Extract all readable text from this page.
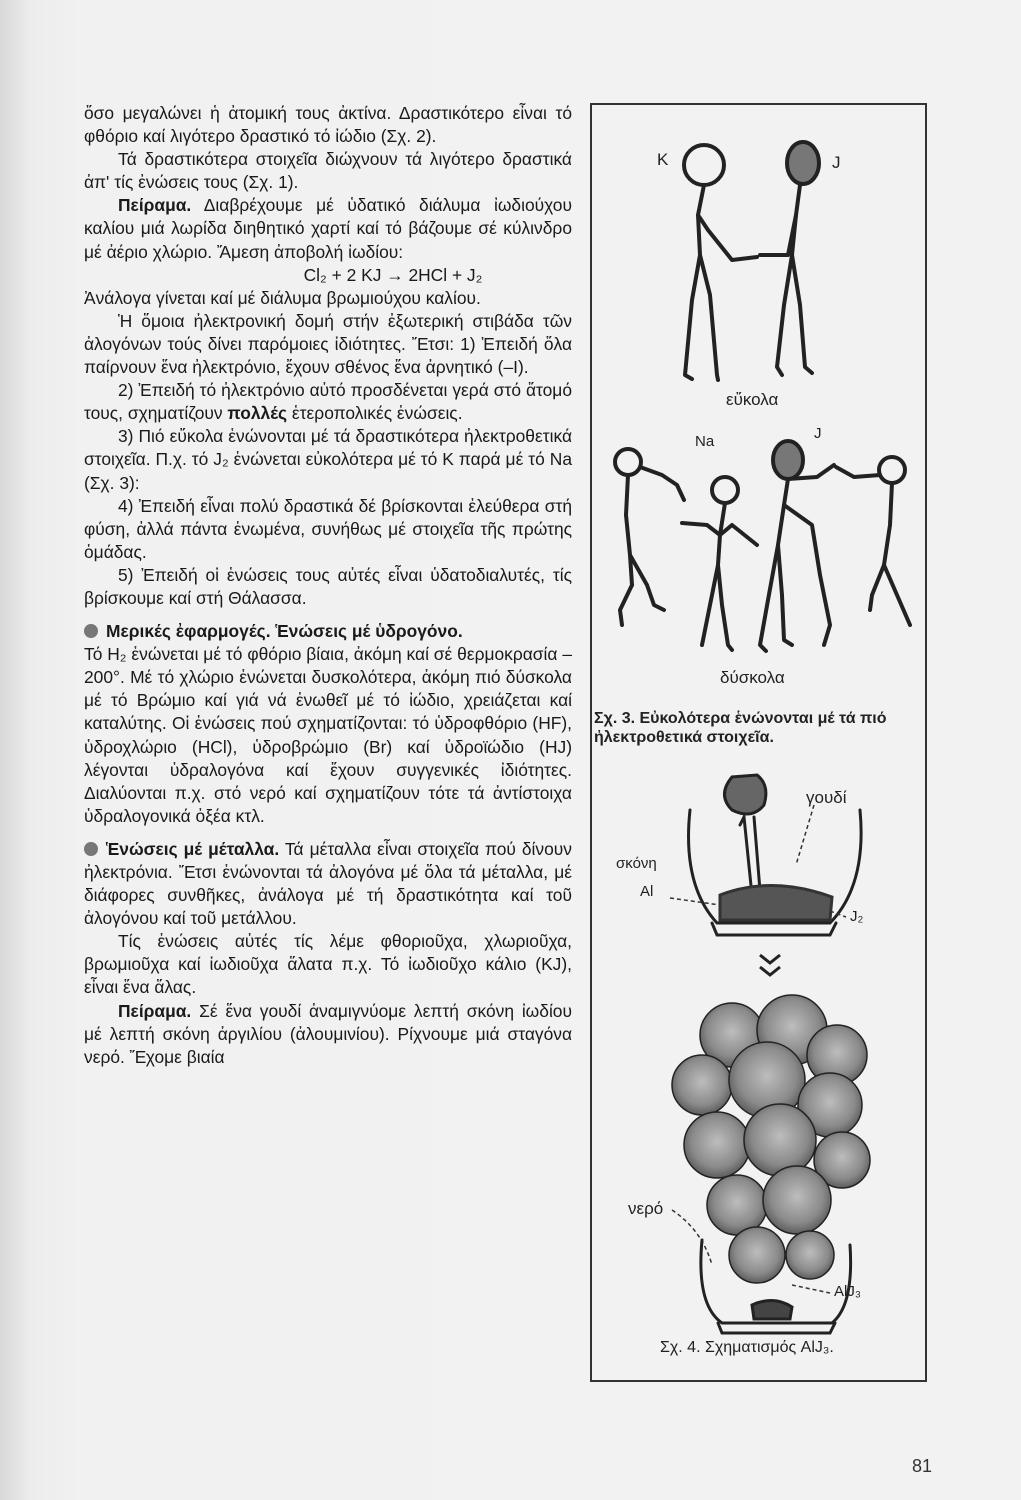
ὅσο μεγαλώνει ἡ ἀτομική τους ἀκτίνα. Δραστικότερο εἶναι τό φθόριο καί λιγότερο δραστικό τό ἰώδιο (Σχ. 2).

Τά δραστικότερα στοιχεῖα διώχνουν τά λιγότερο δραστικά ἀπ' τίς ἐνώσεις τους (Σχ. 1).

Πείραμα. Διαβρέχουμε μέ ὑδατικό διάλυμα ἰωδιούχου καλίου μιά λωρίδα διηθητικό χαρτί καί τό βάζουμε σέ κύλινδρο μέ ἀέριο χλώριο. Ἄμεση ἀποβολή ἰωδίου:

Cl₂ + 2 KJ → 2HCl + J₂

Ἀνάλογα γίνεται καί μέ διάλυμα βρωμιούχου καλίου.

Ἡ ὅμοια ἠλεκτρονική δομή στήν ἐξωτερική στιβάδα τῶν ἀλογόνων τούς δίνει παρόμοιες ἰδιότητες. Ἔτσι: 1) Ἐπειδή ὅλα παίρνουν ἕνα ἠλεκτρόνιο, ἔχουν σθένος ἕνα ἀρνητικό (–I).

2) Ἐπειδή τό ἠλεκτρόνιο αὐτό προσδένεται γερά στό ἄτομό τους, σχηματίζουν πολλές ἑτεροπολικές ἑνώσεις.

3) Πιό εὔκολα ἑνώνονται μέ τά δραστικότερα ἠλεκτροθετικά στοιχεῖα. Π.χ. τό J₂ ἑνώνεται εὐκολότερα μέ τό K παρά μέ τό Na (Σχ. 3):

4) Ἐπειδή εἶναι πολύ δραστικά δέ βρίσκονται ἐλεύθερα στή φύση, ἀλλά πάντα ἑνωμένα, συνήθως μέ στοιχεῖα τῆς πρώτης ὁμάδας.

5) Ἐπειδή οἱ ἑνώσεις τους αὐτές εἶναι ὑδατοδιαλυτές, τίς βρίσκουμε καί στή Θάλασσα.

Μερικές ἐφαρμογές. Ἑνώσεις μέ ὑδρογόνο.

Τό H₂ ἑνώνεται μέ τό φθόριο βίαια, ἀκόμη καί σέ θερμοκρασία –200°. Μέ τό χλώριο ἑνώνεται δυσκολότερα, ἀκόμη πιό δύσκολα μέ τό Βρώμιο καί γιά νά ἑνωθεῖ μέ τό ἰώδιο, χρειάζεται καί καταλύτης. Οἱ ἑνώσεις πού σχηματίζονται: τό ὑδροφθόριο (HF), ὑδροχλώριο (HCl), ὑδροβρώμιο (Br) καί ὑδροϊώδιο (HJ) λέγονται ὑδραλογόνα καί ἔχουν συγγενικές ἰδιότητες. Διαλύονται π.χ. στό νερό καί σχηματίζουν τότε τά ἀντίστοιχα ὑδραλογονικά ὀξέα κτλ.

Ἑνώσεις μέ μέταλλα. Τά μέταλλα εἶναι στοιχεῖα πού δίνουν ἠλεκτρόνια. Ἔτσι ἑνώνονται τά ἀλογόνα μέ ὅλα τά μέταλλα, μέ διάφορες συνθῆκες, ἀνάλογα μέ τή δραστικότητα καί τοῦ ἀλογόνου καί τοῦ μετάλλου.

Τίς ἑνώσεις αὐτές τίς λέμε φθοριοῦχα, χλωριοῦχα, βρωμιοῦχα καί ἰωδιοῦχα ἅλατα π.χ. Τό ἰωδιοῦχο κάλιο (KJ), εἶναι ἕνα ἅλας.

Πείραμα. Σέ ἕνα γουδί ἀναμιγνύομε λεπτή σκόνη ἰωδίου μέ λεπτή σκόνη ἀργιλίου (ἀλουμινίου). Ρίχνουμε μιά σταγόνα νερό. Ἔχομε βιαία

K	J
εὔκολα
Na	J
δύσκολα
Σχ. 3. Εὐκολότερα ἑνώνονται μέ τά πιό ἠλεκτροθετικά στοιχεῖα.
γουδί
σκόνη
Al
J₂
νερό
AlJ₃
Σχ. 4. Σχηματισμός AlJ₃.
81
